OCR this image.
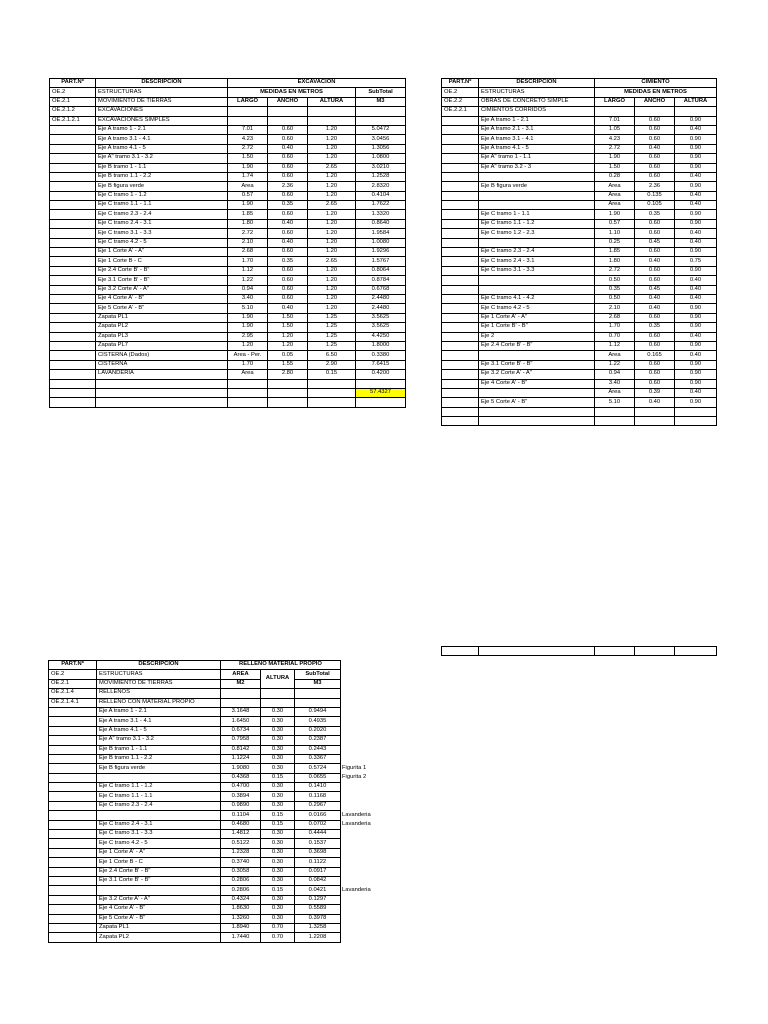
PART.Nº	DESCRIPCION	EXCAVACION			
OE.2	ESTRUCTURAS	MEDIDAS EN METROS			SubTotal
OE.2.1	MOVIMIENTO DE TIERRAS	LARGO	ANCHO	ALTURA	M3
OE.2.1.2	EXCAVACIONES				
OE.2.1.2.1	EXCAVACIONES SIMPLES				
	Eje A tramo 1 - 2.1	7.01	0.60	1.20	5.0472
	Eje A tramo 3.1 - 4.1	4.23	0.60	1.20	3.0456
	Eje A tramo 4.1 - 5	2.72	0.40	1.20	1.3056
	Eje A" tramo 3.1 - 3.2	1.50	0.60	1.20	1.0800
	Eje B tramo 1 - 1.1	1.90	0.60	2.65	3.0210
	Eje B tramo 1.1 - 2.2	1.74	0.60	1.20	1.2528
	Eje B figura verde	Area	2.36	1.20	2.8320
	Eje C tramo 1 - 1.2	0.57	0.60	1.20	0.4104
	Eje C tramo 1.1 - 1.1	1.90	0.35	2.65	1.7622
	Eje C tramo 2.3 - 2.4	1.85	0.60	1.20	1.3320
	Eje C tramo 2.4 - 3.1	1.80	0.40	1.20	0.8640
	Eje C tramo 3.1 - 3.3	2.72	0.60	1.20	1.9584
	Eje C tramo 4.2 - 5	2.10	0.40	1.20	1.0080
	Eje 1 Corte A' - A"	2.68	0.60	1.20	1.9296
	Eje 1 Corte B - C	1.70	0.35	2.65	1.5767
	Eje 2.4 Corte B' - B"	1.12	0.60	1.20	0.8064
	Eje 3.1 Corte B' - B"	1.22	0.60	1.20	0.8784
	Eje 3.2 Corte A' - A"	0.94	0.60	1.20	0.6768
	Eje 4 Corte A' - B"	3.40	0.60	1.20	2.4480
	Eje 5 Corte A' - B"	5.10	0.40	1.20	2.4480
	Zapata PL1	1.90	1.50	1.25	3.5625
	Zapata PL2	1.90	1.50	1.25	3.5625
	Zapata PL3	2.95	1.20	1.25	4.4250
	Zapata PL7	1.20	1.20	1.25	1.8000
	CISTERNA (Dados)	Area - Per.	0.05	6.50	0.3380
	CISTERNA	1.70	1.55	2.90	7.6415
	LAVANDERIA	Area	2.80	0.15	0.4200

					57.4327

PART.Nº	DESCRIPCION	CIMIENTO		
OE.2	ESTRUCTURAS	MEDIDAS EN METROS		
OE.2.2	OBRAS DE CONCRETO SIMPLE	LARGO	ANCHO	ALTURA
OE.2.2.1	CIMIENTOS CORRIDOS			
	Eje A tramo 1 - 2.1	7.01	0.60	0.90
	Eje A tramo 2.1 - 3.1	1.05	0.60	0.40
	Eje A tramo 3.1 - 4.1	4.23	0.60	0.90
	Eje A tramo 4.1 - 5	2.72	0.40	0.90
	Eje A" tramo 1 - 1.1	1.90	0.60	0.90
	Eje A" tramo 3.2 - 3	1.50	0.60	0.90
		0.28	0.60	0.40
	Eje B figura verde	Area	2.36	0.90
		Area	0.135	0.40
		Area	0.105	0.40
	Eje C tramo 1 - 1.1	1.90	0.35	0.90
	Eje C tramo 1.1 - 1.2	0.57	0.60	0.90
	Eje C tramo 1.2 - 2.3	1.10	0.60	0.40
		0.25	0.45	0.40
	Eje C tramo 2.3 - 2.4	1.85	0.60	0.90
	Eje C tramo 2.4 - 3.1	1.80	0.40	0.75
	Eje C tramo 3.1 - 3.3	2.72	0.60	0.90
		0.50	0.60	0.40
		0.35	0.45	0.40
	Eje C tramo 4.1 - 4.2	0.50	0.40	0.40
	Eje C tramo 4.2 - 5	2.10	0.40	0.90
	Eje 1 Corte A' - A"	2.68	0.60	0.90
	Eje 1 Corte B' - B"	1.70	0.35	0.90
	Eje 2	0.70	0.60	0.40
	Eje 2.4 Corte B' - B"	1.12	0.60	0.90
		Area	0.165	0.40
	Eje 3.1 Corte B' - B"	1.22	0.60	0.90
	Eje 3.2 Corte A' - A"	0.94	0.60	0.90
	Eje 4 Corte A' - B"	3.40	0.60	0.90
		Area	0.39	0.40
	Eje 5 Corte A' - B"	5.10	0.40	0.90

PART.Nº	DESCRIPCION	RELLENO MATERIAL PROPIO			
OE.2	ESTRUCTURAS	AREA	ALTURA	SubTotal	
OE.2.1	MOVIMIENTO DE TIERRAS	M2		M3	
OE.2.1.4	RELLENOS				
OE.2.1.4.1	RELLENO CON MATERIAL PROPIO				
	Eje A tramo 1 - 2.1	3.1648	0.30	0.9494	
	Eje A tramo 3.1 - 4.1	1.6450	0.30	0.4935	
	Eje A tramo 4.1 - 5	0.6734	0.30	0.2020	
	Eje A" tramo 3.1 - 3.2	0.7958	0.30	0.2387	
	Eje B tramo 1 - 1.1	0.8142	0.30	0.2443	
	Eje B tramo 1.1 - 2.2	1.1224	0.30	0.3367	
	Eje B figura verde	1.9080	0.30	0.5724	Figurita 1
		0.4368	0.15	0.0655	Figurita 2
	Eje C tramo 1.1 - 1.2	0.4700	0.30	0.1410	
	Eje C tramo 1.1 - 1.1	0.3894	0.30	0.1168	
	Eje C tramo 2.3 - 2.4	0.9890	0.30	0.2967	
		0.1104	0.15	0.0166	Lavanderia
	Eje C tramo 2.4 - 3.1	0.4680	0.15	0.0702	Lavanderia
	Eje C tramo 3.1 - 3.3	1.4812	0.30	0.4444	
	Eje C tramo 4.2 - 5	0.5122	0.30	0.1537	
	Eje 1 Corte A' - A"	1.2328	0.30	0.3698	
	Eje 1 Corte B - C	0.3740	0.30	0.1122	
	Eje 2.4 Corte B' - B"	0.3058	0.30	0.0917	
	Eje 3.1 Corte B' - B"	0.2806	0.30	0.0842	
		0.2806	0.15	0.0421	Lavanderia
	Eje 3.2 Corte A' - A"	0.4324	0.30	0.1297	
	Eje 4 Corte A' - B"	1.8630	0.30	0.5589	
	Eje 5 Corte A' - B"	1.3260	0.30	0.3978	
	Zapata PL1	1.8940	0.70	1.3258	
	Zapata PL2	1.7440	0.70	1.2208	
